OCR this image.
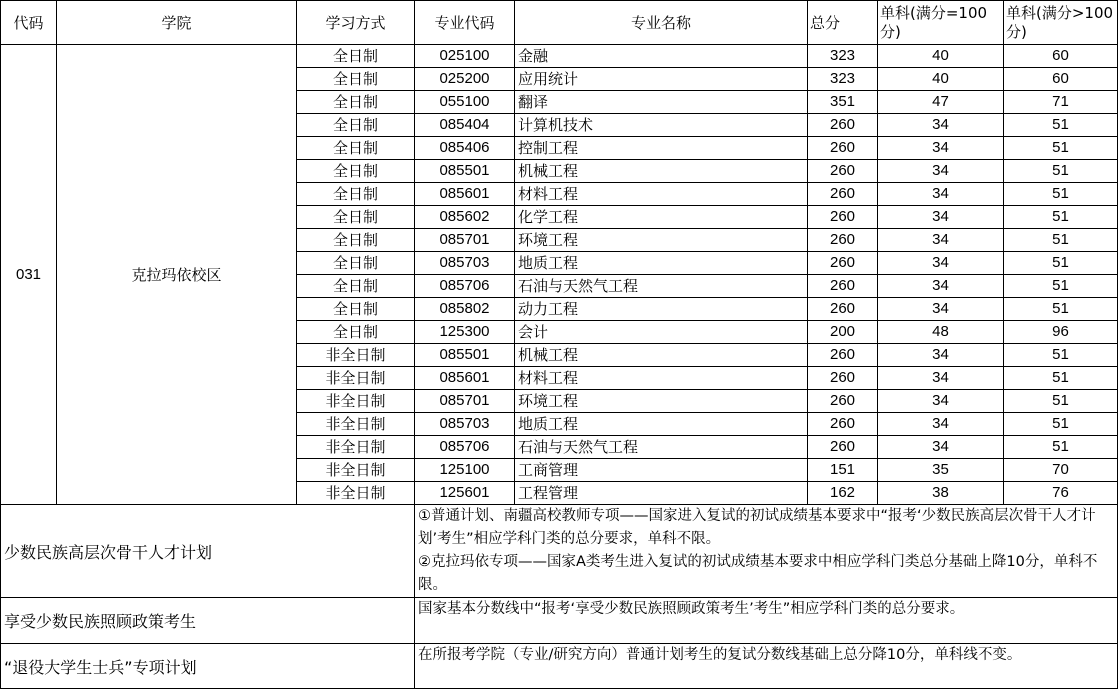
代码	学院	学习方式	专业代码	专业名称	总分	单科(满分=100分)	单科(满分>100分)
031	克拉玛依校区	全日制	025100	金融	323	40	60
		全日制	025200	应用统计	323	40	60
		全日制	055100	翻译	351	47	71
		全日制	085404	计算机技术	260	34	51
		全日制	085406	控制工程	260	34	51
		全日制	085501	机械工程	260	34	51
		全日制	085601	材料工程	260	34	51
		全日制	085602	化学工程	260	34	51
		全日制	085701	环境工程	260	34	51
		全日制	085703	地质工程	260	34	51
		全日制	085706	石油与天然气工程	260	34	51
		全日制	085802	动力工程	260	34	51
		全日制	125300	会计	200	48	96
		非全日制	085501	机械工程	260	34	51
		非全日制	085601	材料工程	260	34	51
		非全日制	085701	环境工程	260	34	51
		非全日制	085703	地质工程	260	34	51
		非全日制	085706	石油与天然气工程	260	34	51
		非全日制	125100	工商管理	151	35	70
		非全日制	125601	工程管理	162	38	76
少数民族高层次骨干人才计划			①普通计划、南疆高校教师专项——国家进入复试的初试成绩基本要求中“报考‘少数民族高层次骨干人才计划’考生”相应学科门类的总分要求，单科不限。
②克拉玛依专项——国家A类考生进入复试的初试成绩基本要求中相应学科门类总分基础上降10分，单科不限。				

享受少数民族照顾政策考生			国家基本分数线中“报考‘享受少数民族照顾政策考生’考生”相应学科门类的总分要求。				

“退役大学生士兵”专项计划			在所报考学院（专业/研究方向）普通计划考生的复试分数线基础上总分降10分，单科线不变。				
